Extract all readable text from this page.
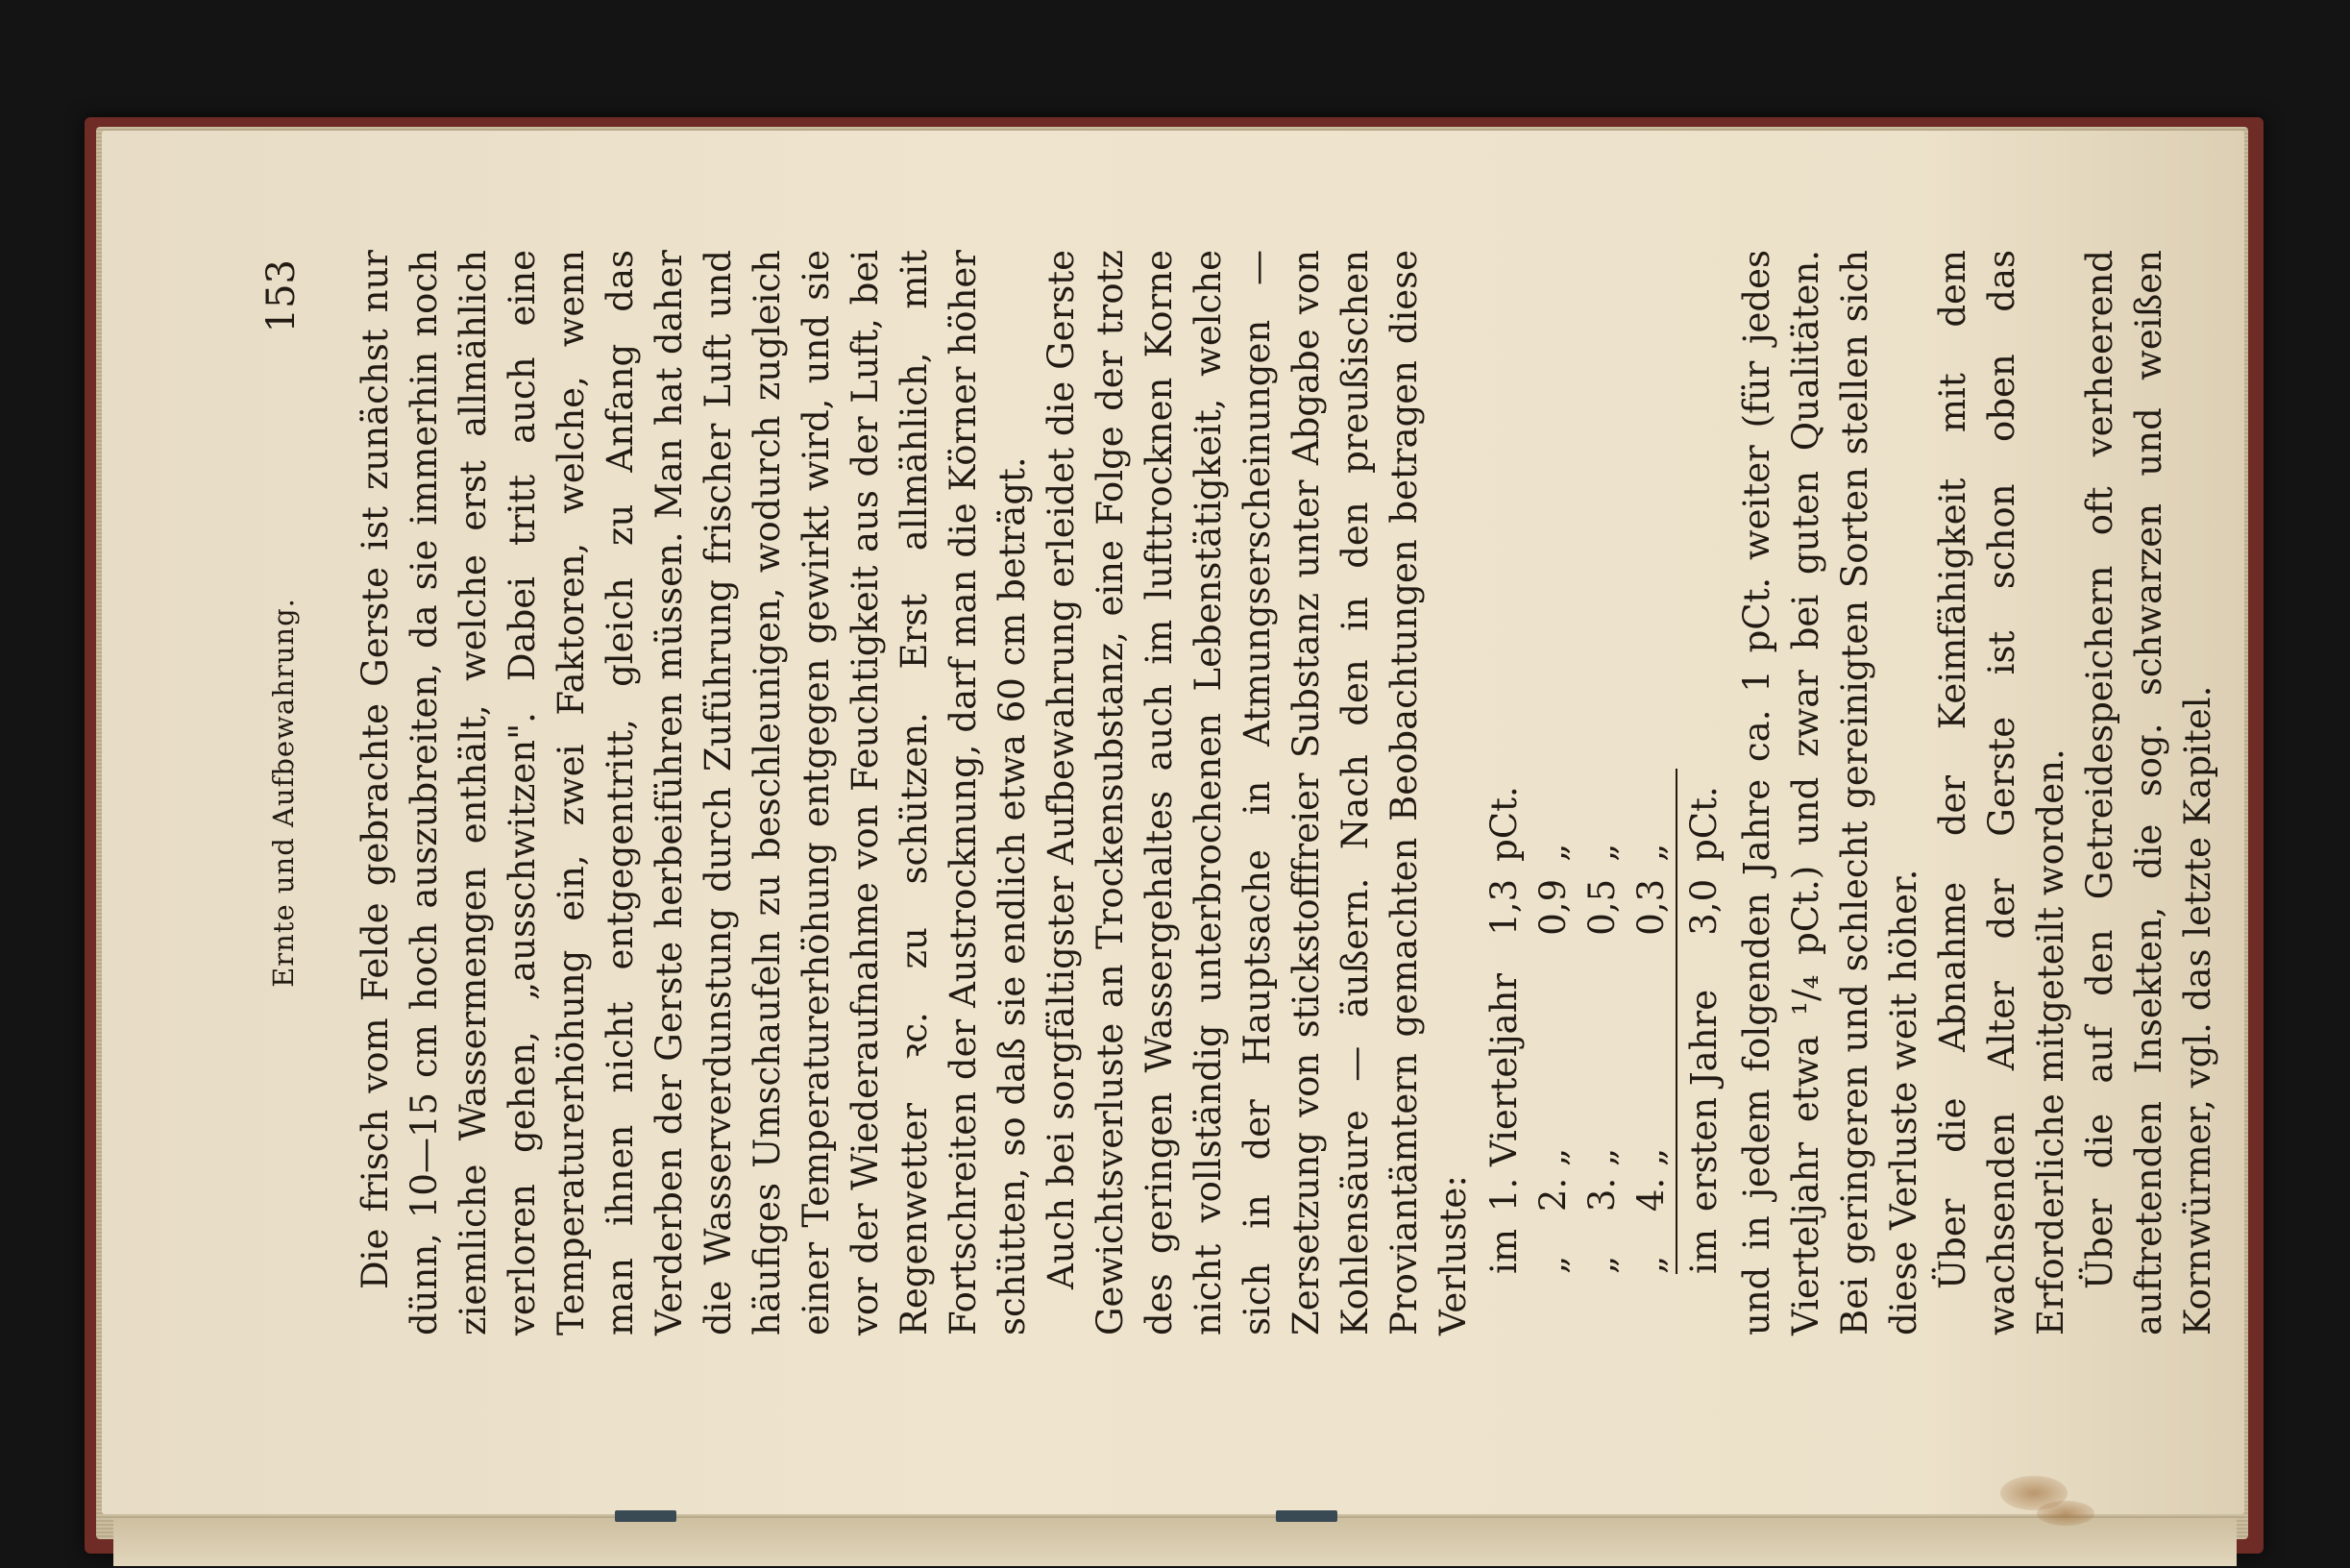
Ernte und Aufbewahrung.
153 Die frisch vom Felde gebrachte Gerste ist zunächst nur dünn, 10—15 cm hoch auszubreiten, da sie immerhin noch ziemliche Wassermengen enthält, welche erst allmählich verloren gehen, „ausschwitzen". Dabei tritt auch eine Temperaturerhöhung ein, zwei Faktoren, welche, wenn man ihnen nicht entgegentritt, gleich zu Anfang das Verderben der Gerste herbeiführen müssen. Man hat daher die Wasserverdunstung durch Zuführung frischer Luft und häufiges Umschaufeln zu beschleunigen, wodurch zugleich einer Temperaturerhöhung entgegen gewirkt wird, und sie vor der Wiederaufnahme von Feuchtigkeit aus der Luft, bei Regenwetter ꝛc. zu schützen. Erst allmählich, mit Fortschreiten der Austrocknung, darf man die Körner höher schütten, so daß sie endlich etwa 60 cm beträgt. Auch bei sorgfältigster Aufbewahrung erleidet die Gerste Gewichtsverluste an Trockensubstanz, eine Folge der trotz des geringen Wassergehaltes auch im lufttrocknen Korne nicht vollständig unterbrochenen Lebenstätigkeit, welche sich in der Hauptsache in Atmungserscheinungen — Zersetzung von stickstofffreier Substanz unter Abgabe von Kohlensäure — äußern. Nach den in den preußischen Proviantämtern gemachten Beobachtungen betragen diese Verluste: im	1. Vierteljahr	1,3	pCt.
„	2. „	0,9	„
„	3. „	0,5	„
„	4. „	0,3	„
im	ersten Jahre	3,0	pCt. und in jedem folgenden Jahre ca. 1 pCt. weiter (für jedes Vierteljahr etwa ¹/₄ pCt.) und zwar bei guten Qualitäten. Bei geringeren und schlecht gereinigten Sorten stellen sich diese Verluste weit höher. Über die Abnahme der Keimfähigkeit mit dem wachsenden Alter der Gerste ist schon oben das Erforderliche mitgeteilt worden. Über die auf den Getreidespeichern oft verheerend auftretenden Insekten, die sog. schwarzen und weißen Kornwürmer, vgl. das letzte Kapitel.
